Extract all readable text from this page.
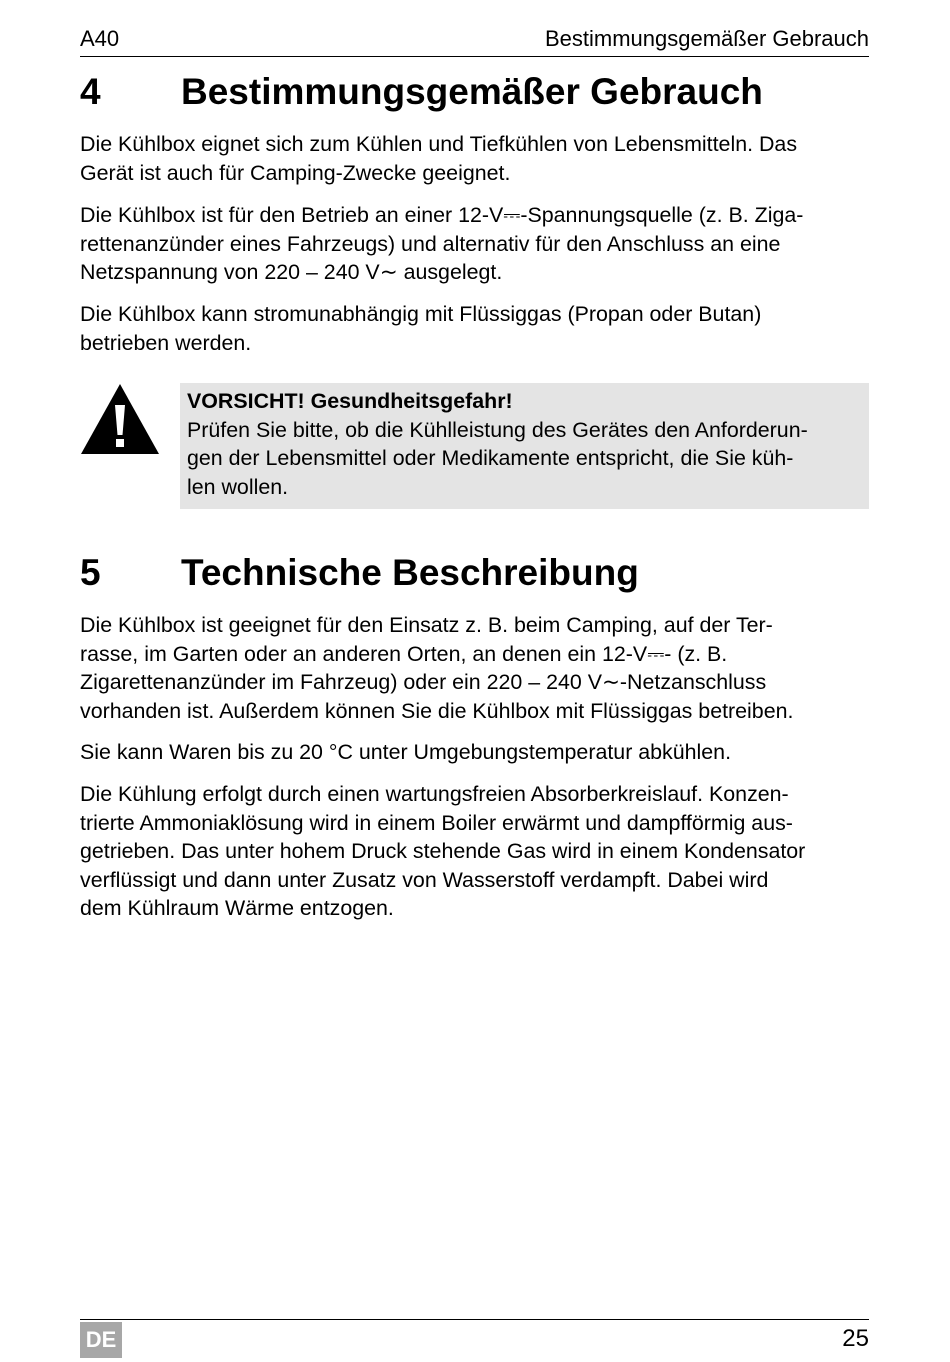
A40	Bestimmungsgemäßer Gebrauch
4 Bestimmungsgemäßer Gebrauch
Die Kühlbox eignet sich zum Kühlen und Tiefkühlen von Lebensmitteln. Das
Gerät ist auch für Camping-Zwecke geeignet.
Die Kühlbox ist für den Betrieb an einer 12-V⎓-Spannungsquelle (z. B. Ziga-
rettenanzünder eines Fahrzeugs) und alternativ für den Anschluss an eine
Netzspannung von 220 – 240 V∼ ausgelegt.
Die Kühlbox kann stromunabhängig mit Flüssiggas (Propan oder Butan)
betrieben werden.
VORSICHT! Gesundheitsgefahr!
Prüfen Sie bitte, ob die Kühlleistung des Gerätes den Anforderun-
gen der Lebensmittel oder Medikamente entspricht, die Sie küh-
len wollen.
5 Technische Beschreibung
Die Kühlbox ist geeignet für den Einsatz z. B. beim Camping, auf der Ter-
rasse, im Garten oder an anderen Orten, an denen ein 12-V⎓- (z. B.
Zigarettenanzünder im Fahrzeug) oder ein 220 – 240 V∼-Netzanschluss
vorhanden ist. Außerdem können Sie die Kühlbox mit Flüssiggas betreiben.
Sie kann Waren bis zu 20 °C unter Umgebungstemperatur abkühlen.
Die Kühlung erfolgt durch einen wartungsfreien Absorberkreislauf. Konzen-
trierte Ammoniaklösung wird in einem Boiler erwärmt und dampfförmig aus-
getrieben. Das unter hohem Druck stehende Gas wird in einem Kondensator
verflüssigt und dann unter Zusatz von Wasserstoff verdampft. Dabei wird
dem Kühlraum Wärme entzogen.
DE	25
